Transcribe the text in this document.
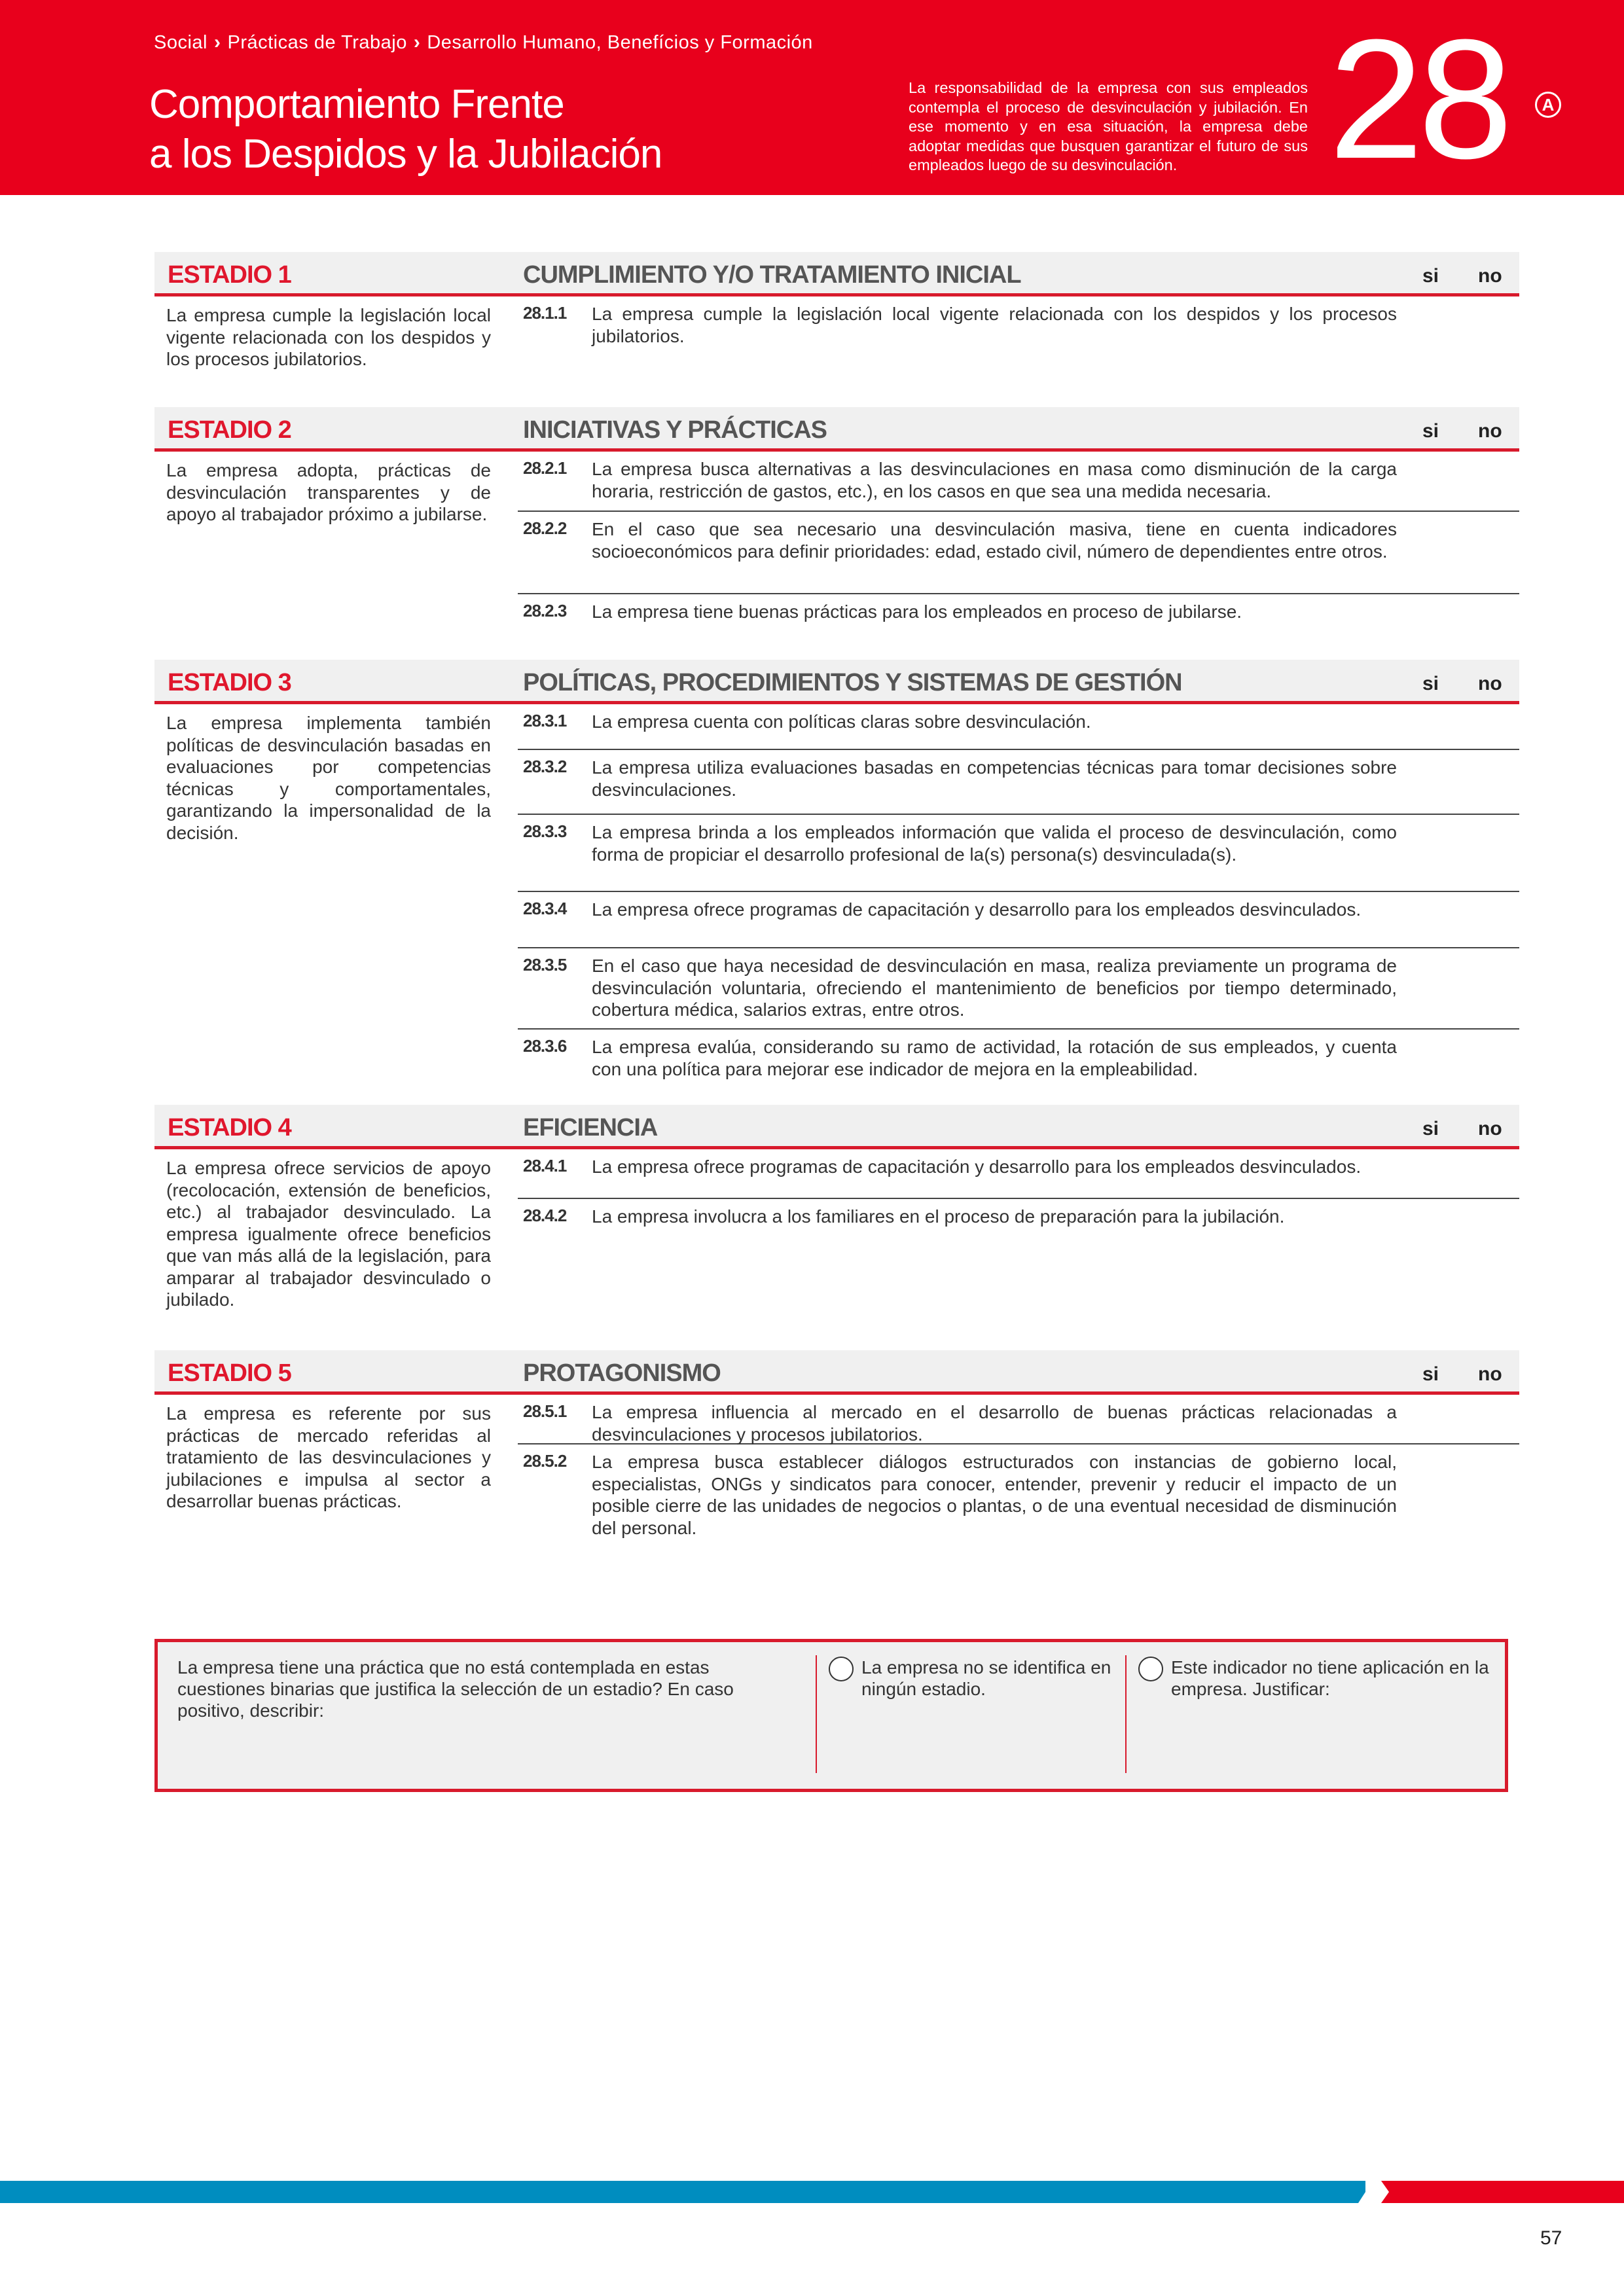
Social › Prácticas de Trabajo › Desarrollo Humano, Benefícios y Formación
Comportamiento Frente
a los Despidos y la Jubilación
La responsabilidad de la empresa con sus empleados contempla el proceso de desvinculación y jubilación. En ese momento y en esa situación, la empresa debe adoptar medidas que busquen garantizar el futuro de sus empleados luego de su desvinculación. 28	A
ESTADIO 1	CUMPLIMIENTO Y/O TRATAMIENTO INICIAL	si no
La empresa cumple la legislación local vigente relacionada con los despidos y los procesos jubilatorios.
28.1.1 La empresa cumple la legislación local vigente relacionada con los despidos y los procesos jubilatorios.
ESTADIO 2	INICIATIVAS Y PRÁCTICAS	si no
La empresa adopta, prácticas de desvinculación transparentes y de apoyo al trabajador próximo a jubilarse.
28.2.1 La empresa busca alternativas a las desvinculaciones en masa como disminución de la carga horaria, restricción de gastos, etc.), en los casos en que sea una medida necesaria.
28.2.2 En el caso que sea necesario una desvinculación masiva, tiene en cuenta indicadores socioeconómicos para definir prioridades: edad, estado civil, número de dependientes entre otros.
28.2.3 La empresa tiene buenas prácticas para los empleados en proceso de jubilarse.
ESTADIO 3	POLÍTICAS, PROCEDIMIENTOS Y SISTEMAS DE GESTIÓN	si no
La empresa implementa también políticas de desvinculación basadas en evaluaciones por competencias técnicas y comportamentales, garantizando la impersonalidad de la decisión.
28.3.1 La empresa cuenta con políticas claras sobre desvinculación.
28.3.2 La empresa utiliza evaluaciones basadas en competencias técnicas para tomar decisiones sobre desvinculaciones.
28.3.3 La empresa brinda a los empleados información que valida el proceso de desvinculación, como forma de propiciar el desarrollo profesional de la(s) persona(s) desvinculada(s).
28.3.4 La empresa ofrece programas de capacitación y desarrollo para los empleados desvinculados.
28.3.5 En el caso que haya necesidad de desvinculación en masa, realiza previamente un programa de desvinculación voluntaria, ofreciendo el mantenimiento de beneficios por tiempo determinado, cobertura médica, salarios extras, entre otros.
28.3.6 La empresa evalúa, considerando su ramo de actividad, la rotación de sus empleados, y cuenta con una política para mejorar ese indicador de mejora en la empleabilidad.
ESTADIO 4	EFICIENCIA	si no
La empresa ofrece servicios de apoyo (recolocación, extensión de beneficios, etc.) al trabajador desvinculado. La empresa igualmente ofrece beneficios que van más allá de la legislación, para amparar al trabajador desvinculado o jubilado.
28.4.1 La empresa ofrece programas de capacitación y desarrollo para los empleados desvinculados.
28.4.2 La empresa involucra a los familiares en el proceso de preparación para la jubilación.
ESTADIO 5	PROTAGONISMO	si no
La empresa es referente por sus prácticas de mercado referidas al tratamiento de las desvinculaciones y jubilaciones e impulsa al sector a desarrollar buenas prácticas.
28.5.1 La empresa influencia al mercado en el desarrollo de buenas prácticas relacionadas a desvinculaciones y procesos jubilatorios.
28.5.2 La empresa busca establecer diálogos estructurados con instancias de gobierno local, especialistas, ONGs y sindicatos para conocer, entender, prevenir y reducir el impacto de un posible cierre de las unidades de negocios o plantas, o de una eventual necesidad de disminución del personal.
La empresa tiene una práctica que no está contemplada en estas cuestiones binarias que justifica la selección de un estadio? En caso positivo, describir:
La empresa no se identifica en ningún estadio.
Este indicador no tiene aplicación en la empresa. Justificar:
57
